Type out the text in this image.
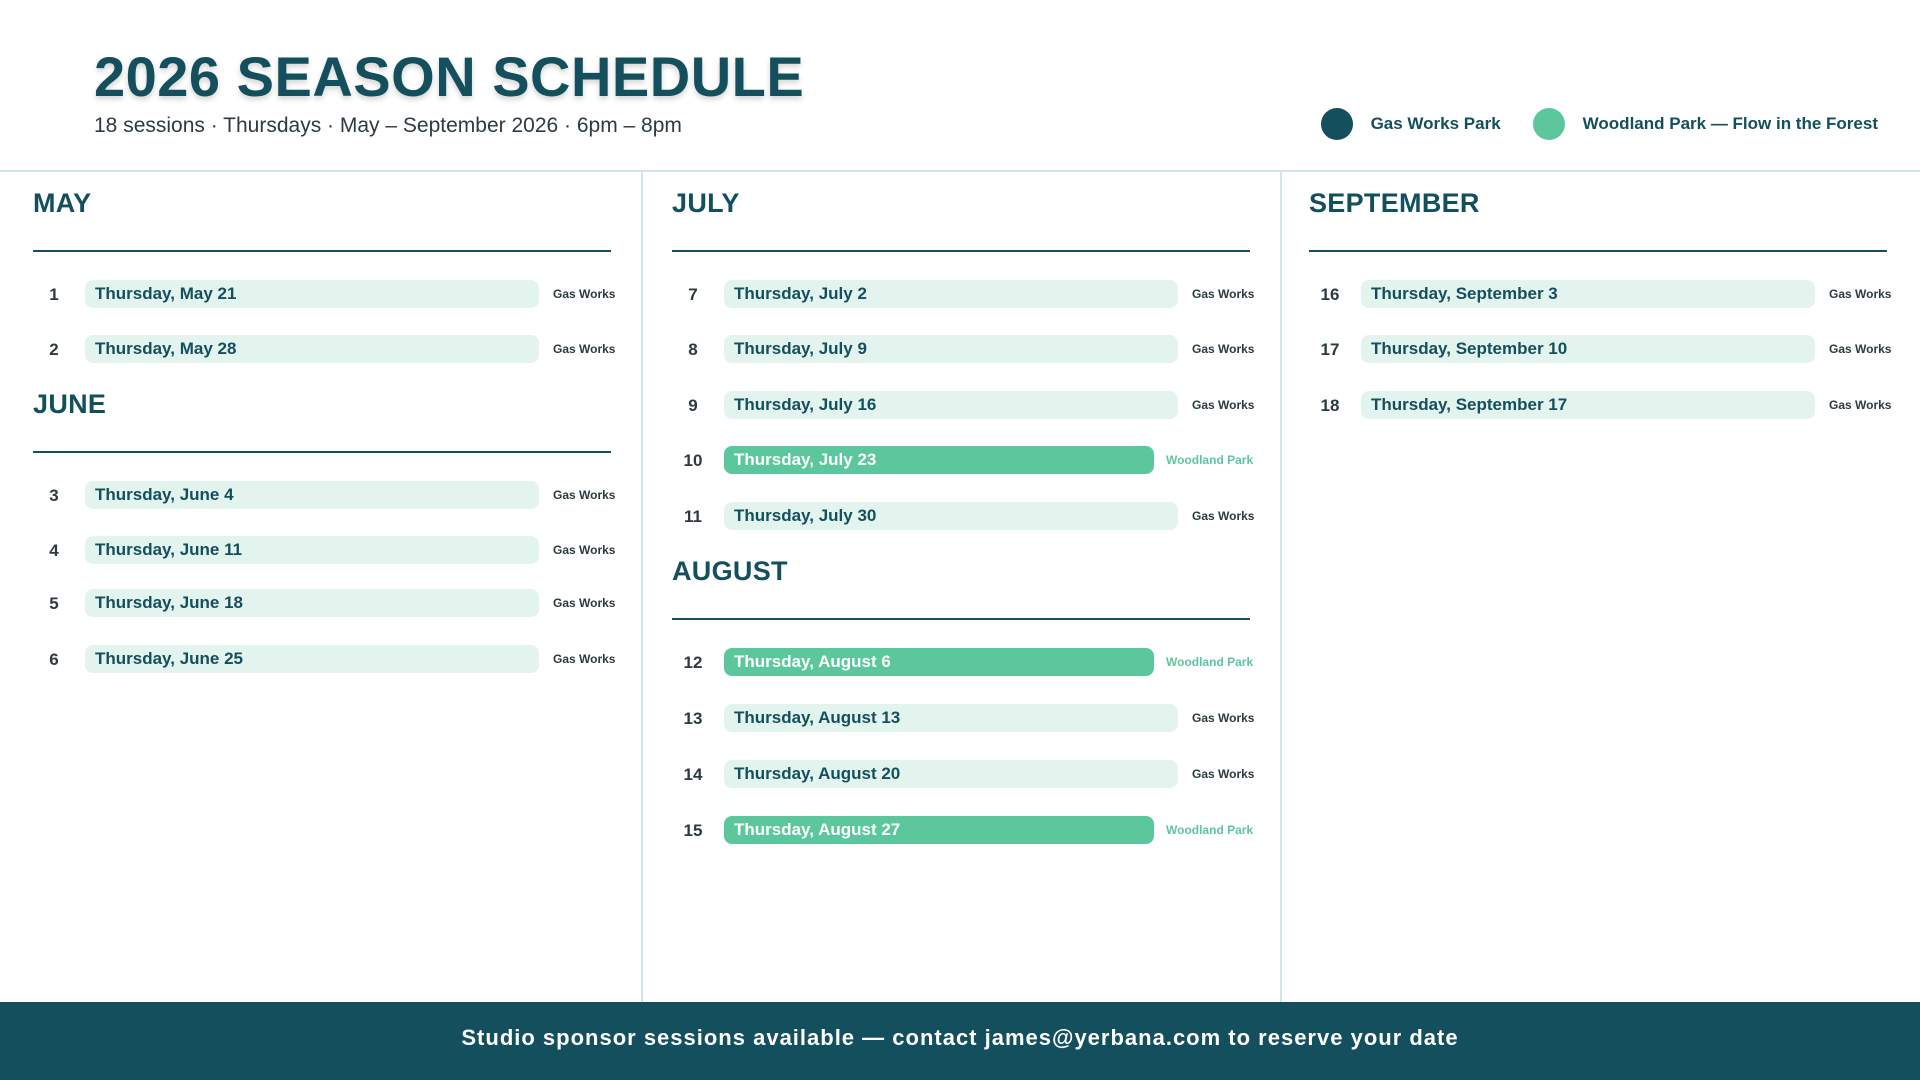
2026 SEASON SCHEDULE
18 sessions · Thursdays · May – September 2026 · 6pm – 8pm	Gas Works Park	Woodland Park — Flow in the Forest
MAY
1	Thursday, May 21	Gas Works
2	Thursday, May 28	Gas Works
JUNE
3	Thursday, June 4	Gas Works
4	Thursday, June 11	Gas Works
5	Thursday, June 18	Gas Works
6	Thursday, June 25	Gas Works
JULY
7	Thursday, July 2	Gas Works
8	Thursday, July 9	Gas Works
9	Thursday, July 16	Gas Works
10	Thursday, July 23	Woodland Park
11	Thursday, July 30	Gas Works
AUGUST
12	Thursday, August 6	Woodland Park
13	Thursday, August 13	Gas Works
14	Thursday, August 20	Gas Works
15	Thursday, August 27	Woodland Park
SEPTEMBER
16	Thursday, September 3	Gas Works
17	Thursday, September 10	Gas Works
18	Thursday, September 17	Gas Works
Studio sponsor sessions available — contact james@yerbana.com to reserve your date
